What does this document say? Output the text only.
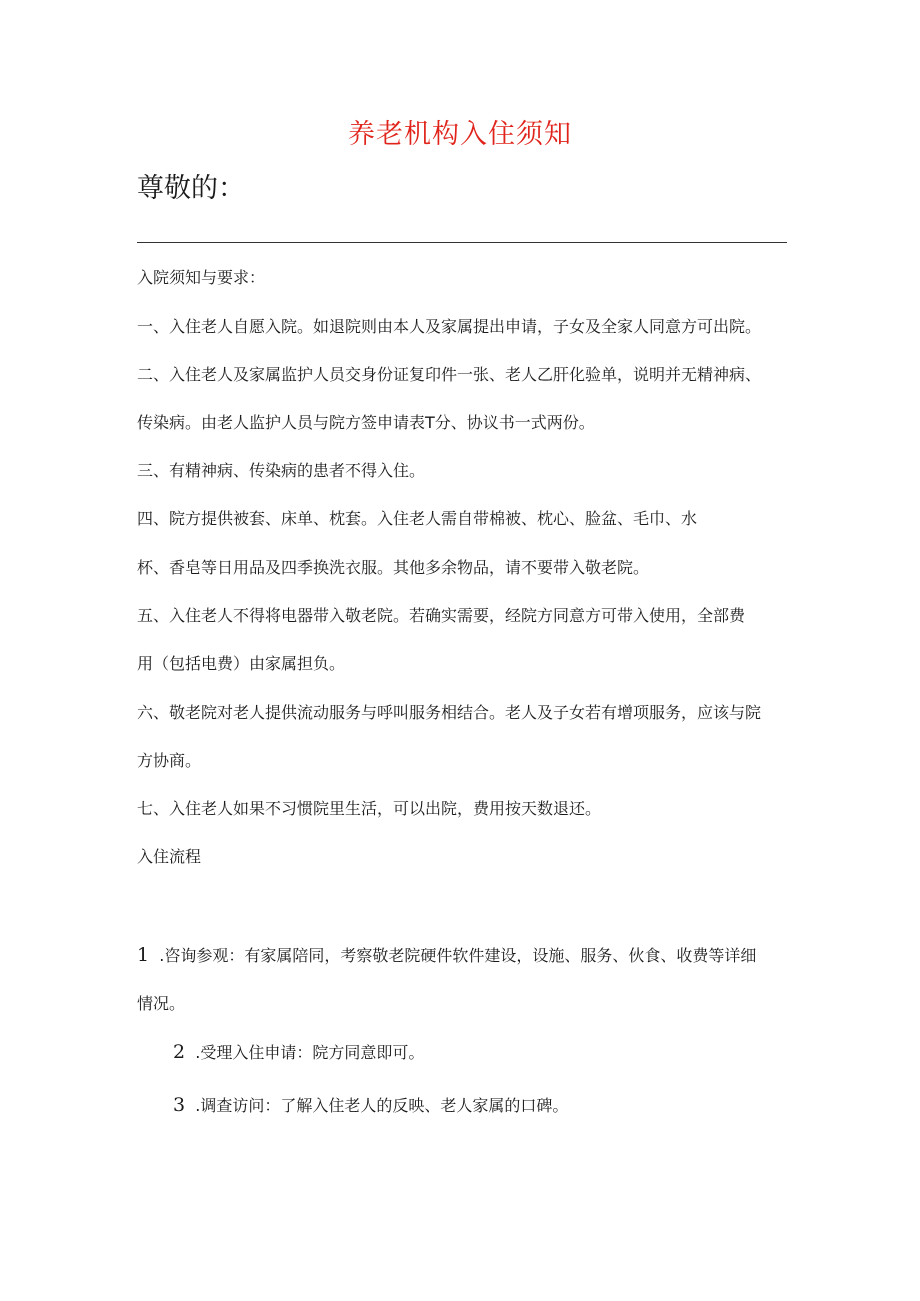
养老机构入住须知

尊敬的：

入院须知与要求：

一、入住老人自愿入院。如退院则由本人及家属提出申请，子女及全家人同意方可出院。

二、入住老人及家属监护人员交身份证复印件一张、老人乙肝化验单，说明并无精神病、

传染病。由老人监护人员与院方签申请表T分、协议书一式两份。

三、有精神病、传染病的患者不得入住。

四、院方提供被套、床单、枕套。入住老人需自带棉被、枕心、脸盆、毛巾、水

杯、香皂等日用品及四季换洗衣服。其他多余物品，请不要带入敬老院。

五、入住老人不得将电器带入敬老院。若确实需要，经院方同意方可带入使用，全部费

用（包括电费）由家属担负。

六、敬老院对老人提供流动服务与呼叫服务相结合。老人及子女若有增项服务，应该与院

方协商。

七、入住老人如果不习惯院里生活，可以出院，费用按天数退还。

入住流程

1 .咨询参观：有家属陪同，考察敬老院硬件软件建设，设施、服务、伙食、收费等详细

情况。

2 .受理入住申请：院方同意即可。

3 .调查访问：了解入住老人的反映、老人家属的口碑。
